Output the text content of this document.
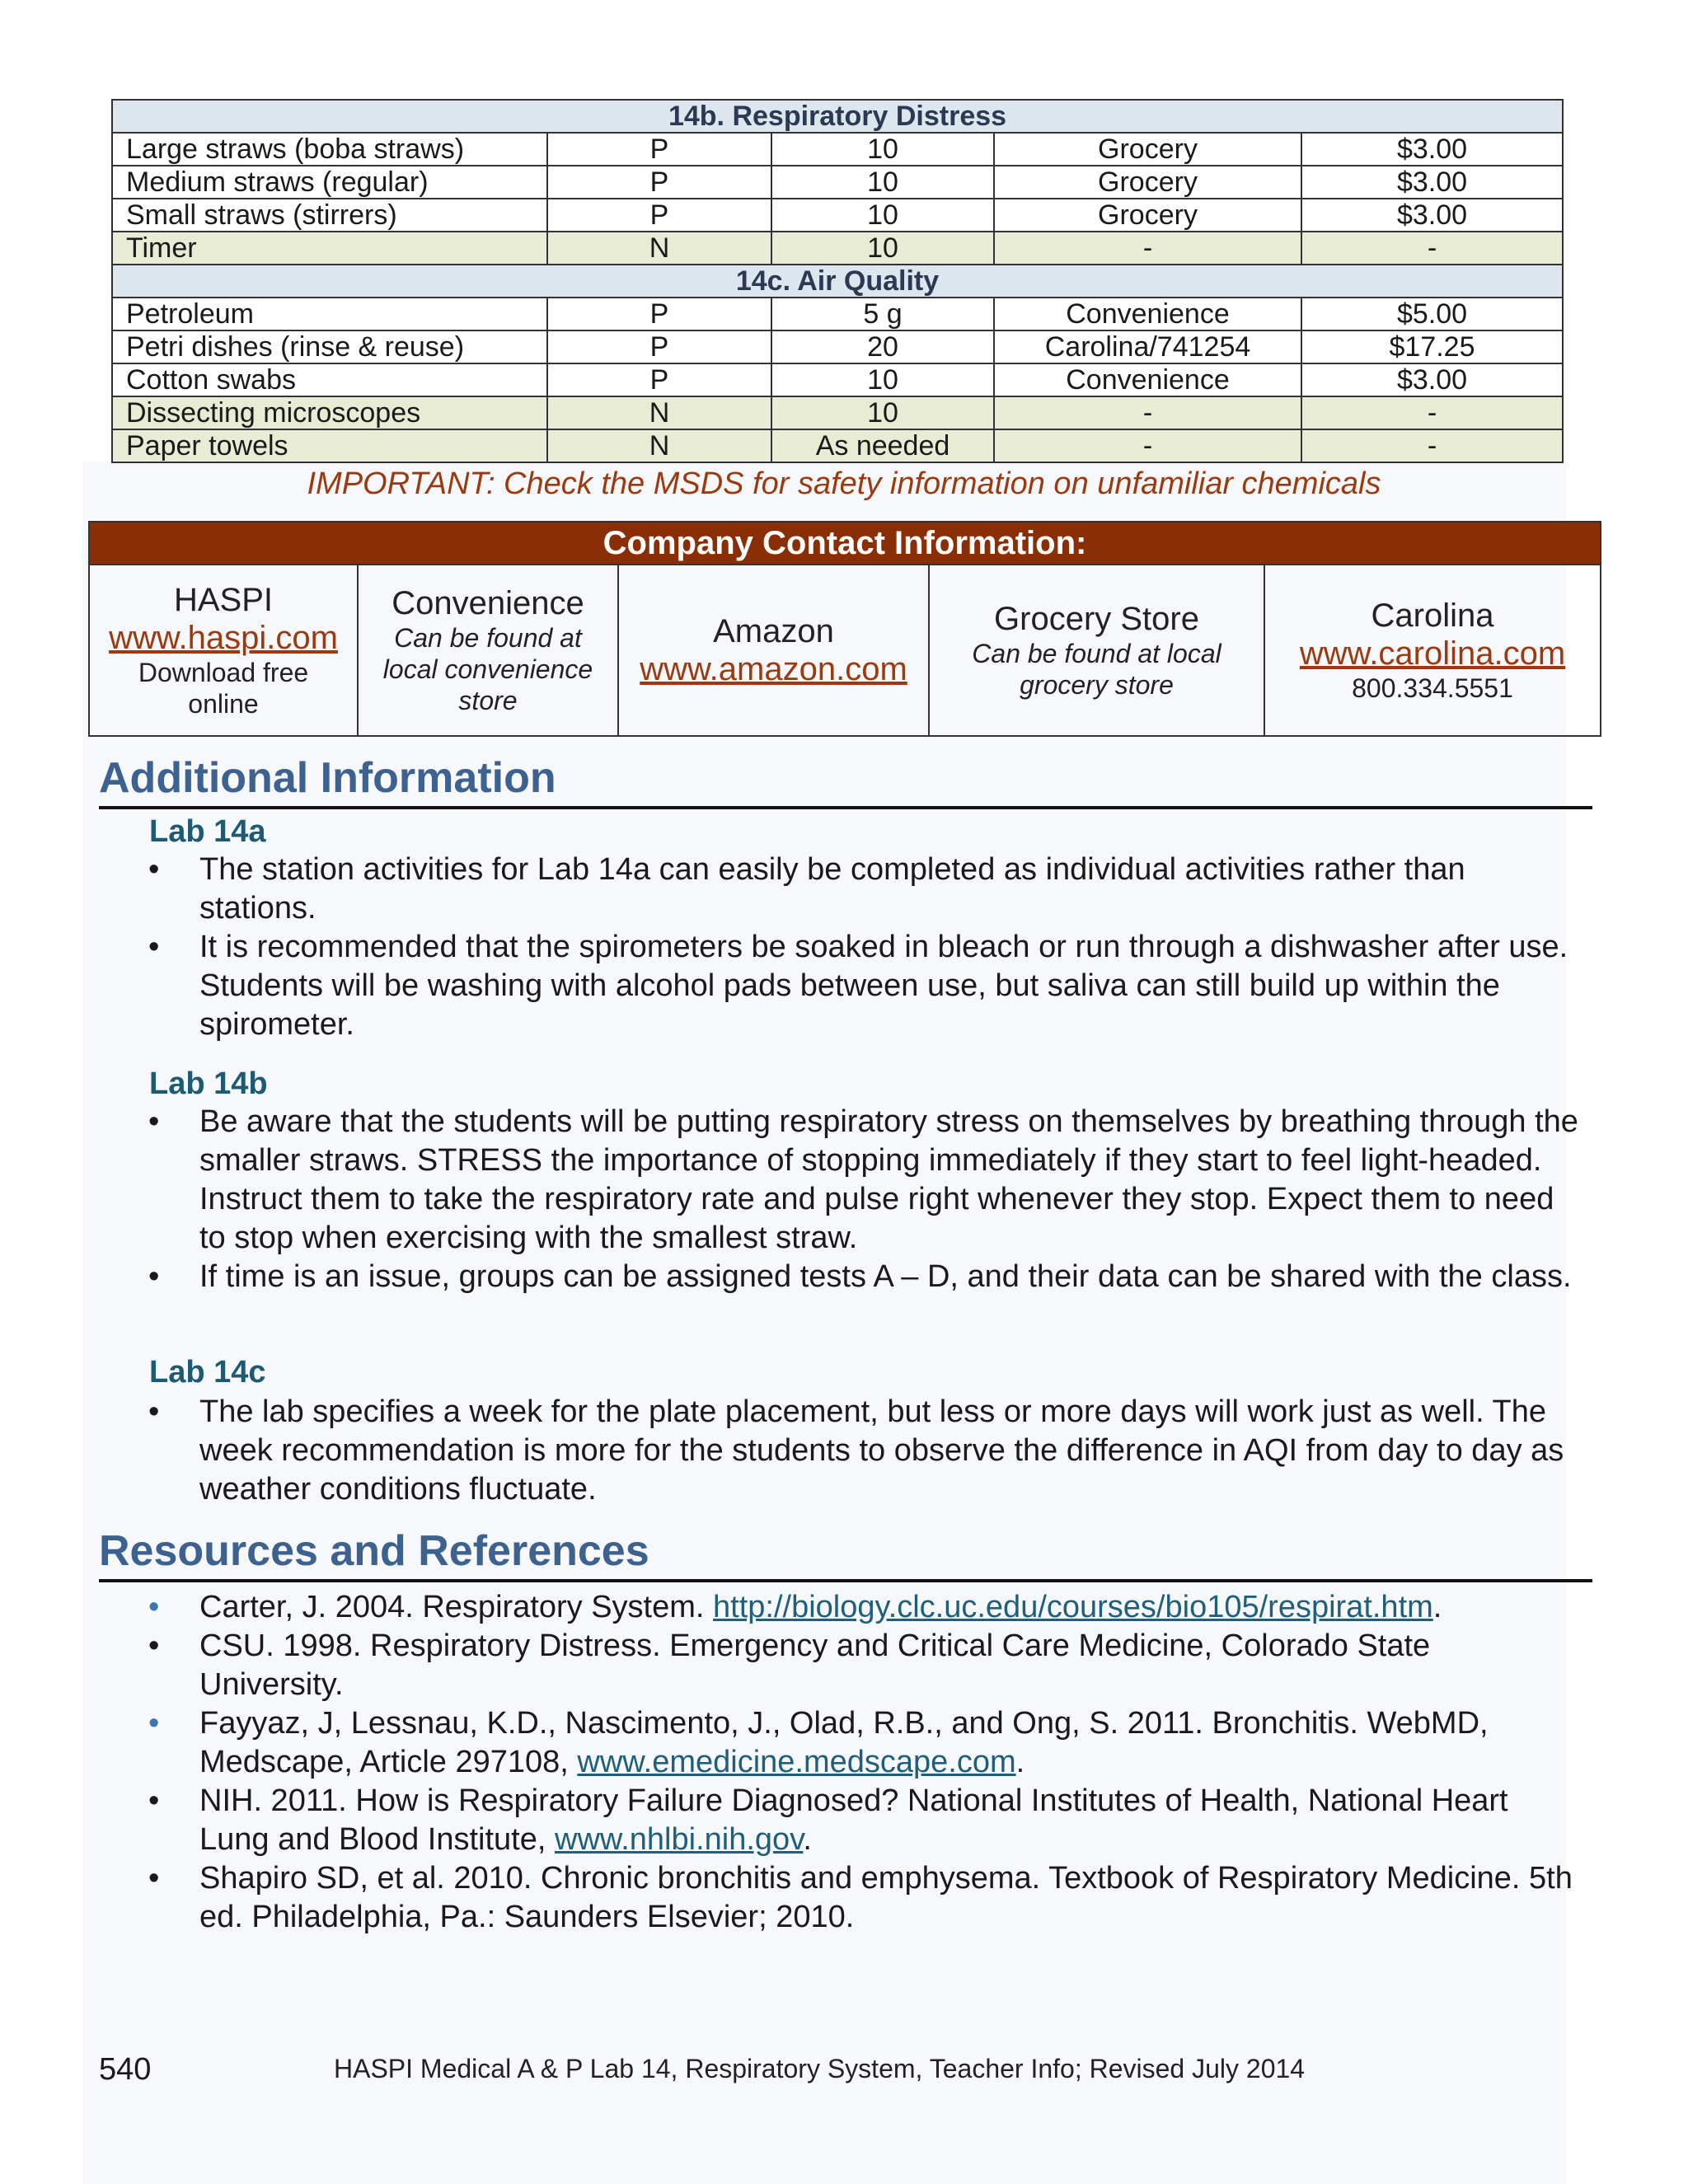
14b. Respiratory Distress				
Large straws (boba straws)	P	10	Grocery	$3.00
Medium straws (regular)	P	10	Grocery	$3.00
Small straws (stirrers)	P	10	Grocery	$3.00
Timer	N	10	-	-
14c. Air Quality				
Petroleum	P	5 g	Convenience	$5.00
Petri dishes (rinse & reuse)	P	20	Carolina/741254	$17.25
Cotton swabs	P	10	Convenience	$3.00
Dissecting microscopes	N	10	-	-
Paper towels	N	As needed	-	-
IMPORTANT: Check the MSDS for safety information on unfamiliar chemicals
Company Contact Information:

HASPI
www.haspi.com
Download free
online

Convenience
Can be found at
local convenience
store

Amazon
www.amazon.com

Grocery Store
Can be found at local
grocery store

Carolina
www.carolina.com
800.334.5551
Additional Information
Lab 14a
•	The station activities for Lab 14a can easily be completed as individual activities rather than stations.
•	It is recommended that the spirometers be soaked in bleach or run through a dishwasher after use. Students will be washing with alcohol pads between use, but saliva can still build up within the spirometer.
Lab 14b
•	Be aware that the students will be putting respiratory stress on themselves by breathing through the smaller straws. STRESS the importance of stopping immediately if they start to feel light-headed. Instruct them to take the respiratory rate and pulse right whenever they stop. Expect them to need to stop when exercising with the smallest straw.
•	If time is an issue, groups can be assigned tests A – D, and their data can be shared with the class.
Lab 14c
•	The lab specifies a week for the plate placement, but less or more days will work just as well. The week recommendation is more for the students to observe the difference in AQI from day to day as weather conditions fluctuate.
Resources and References
•	Carter, J. 2004. Respiratory System. http://biology.clc.uc.edu/courses/bio105/respirat.htm.
•	CSU. 1998. Respiratory Distress. Emergency and Critical Care Medicine, Colorado State University.
•	Fayyaz, J, Lessnau, K.D., Nascimento, J., Olad, R.B., and Ong, S. 2011. Bronchitis. WebMD, Medscape, Article 297108, www.emedicine.medscape.com.
•	NIH. 2011. How is Respiratory Failure Diagnosed? National Institutes of Health, National Heart Lung and Blood Institute, www.nhlbi.nih.gov.
•	Shapiro SD, et al. 2010. Chronic bronchitis and emphysema. Textbook of Respiratory Medicine. 5th ed. Philadelphia, Pa.: Saunders Elsevier; 2010.
540	HASPI Medical A & P Lab 14, Respiratory System, Teacher Info; Revised July 2014
